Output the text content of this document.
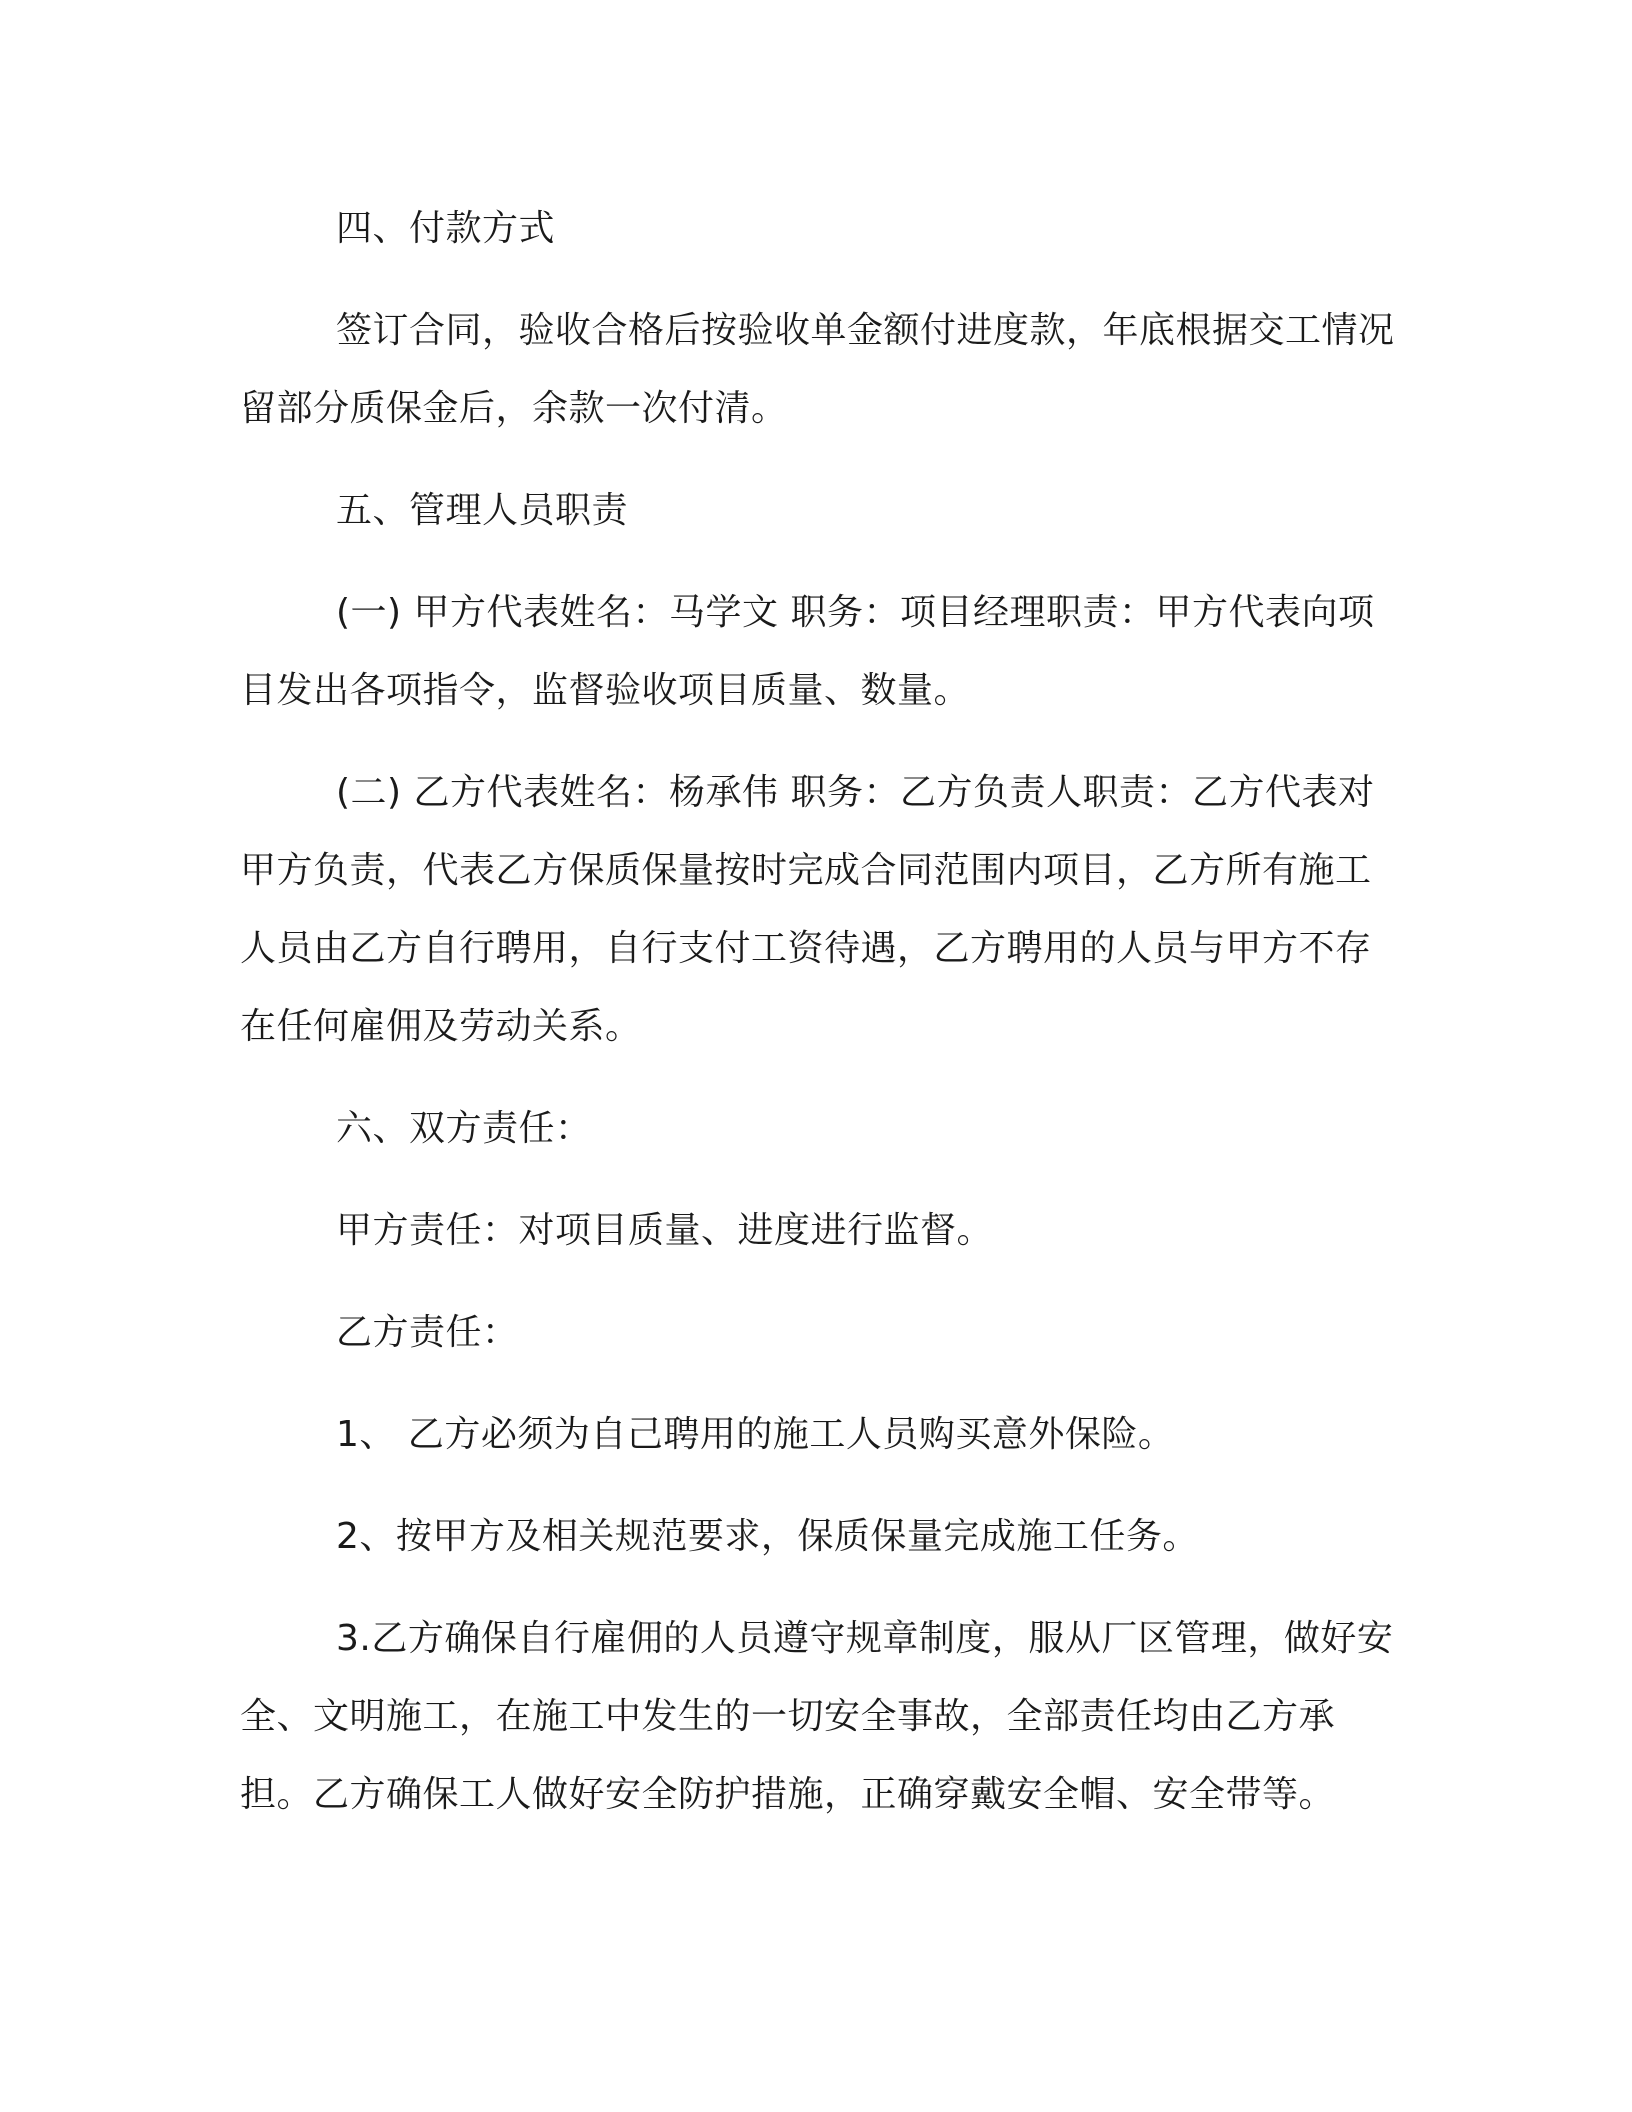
四、付款方式

签订合同，验收合格后按验收单金额付进度款，年底根据交工情况留部分质保金后，余款一次付清。

五、管理人员职责

(一) 甲方代表姓名：马学文 职务：项目经理职责：甲方代表向项目发出各项指令，监督验收项目质量、数量。

(二) 乙方代表姓名：杨承伟 职务：乙方负责人职责：乙方代表对甲方负责，代表乙方保质保量按时完成合同范围内项目，乙方所有施工人员由乙方自行聘用，自行支付工资待遇，乙方聘用的人员与甲方不存在任何雇佣及劳动关系。

六、双方责任：

甲方责任：对项目质量、进度进行监督。

乙方责任：

1、 乙方必须为自己聘用的施工人员购买意外保险。

2、按甲方及相关规范要求，保质保量完成施工任务。

3.乙方确保自行雇佣的人员遵守规章制度，服从厂区管理，做好安全、文明施工，在施工中发生的一切安全事故，全部责任均由乙方承担。乙方确保工人做好安全防护措施，正确穿戴安全帽、安全带等。
